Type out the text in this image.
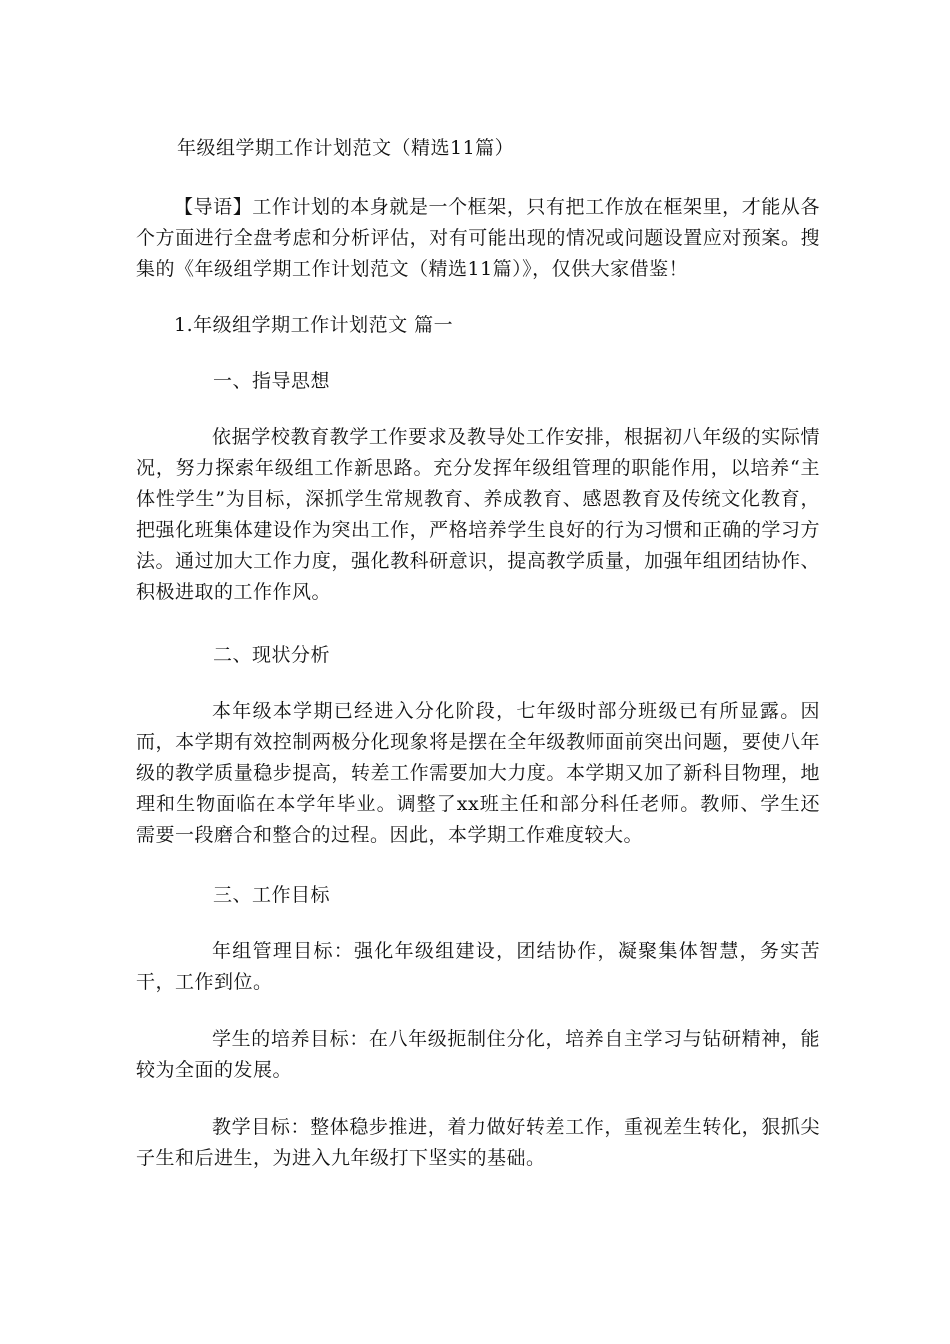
年级组学期工作计划范文（精选11篇）

【导语】工作计划的本身就是一个框架，只有把工作放在框架里，才能从各个方面进行全盘考虑和分析评估，对有可能出现的情况或问题设置应对预案。搜集的《年级组学期工作计划范文（精选11篇）》，仅供大家借鉴！

1.年级组学期工作计划范文 篇一

一、指导思想

依据学校教育教学工作要求及教导处工作安排，根据初八年级的实际情况，努力探索年级组工作新思路。充分发挥年级组管理的职能作用，以培养“主体性学生”为目标，深抓学生常规教育、养成教育、感恩教育及传统文化教育，把强化班集体建设作为突出工作，严格培养学生良好的行为习惯和正确的学习方法。通过加大工作力度，强化教科研意识，提高教学质量，加强年组团结协作、积极进取的工作作风。

二、现状分析

本年级本学期已经进入分化阶段，七年级时部分班级已有所显露。因而，本学期有效控制两极分化现象将是摆在全年级教师面前突出问题，要使八年级的教学质量稳步提高，转差工作需要加大力度。本学期又加了新科目物理，地理和生物面临在本学年毕业。调整了xx班主任和部分科任老师。教师、学生还需要一段磨合和整合的过程。因此，本学期工作难度较大。

三、工作目标

年组管理目标：强化年级组建设，团结协作，凝聚集体智慧，务实苦干，工作到位。

学生的培养目标：在八年级扼制住分化，培养自主学习与钻研精神，能较为全面的发展。

教学目标：整体稳步推进，着力做好转差工作，重视差生转化，狠抓尖子生和后进生，为进入九年级打下坚实的基础。
